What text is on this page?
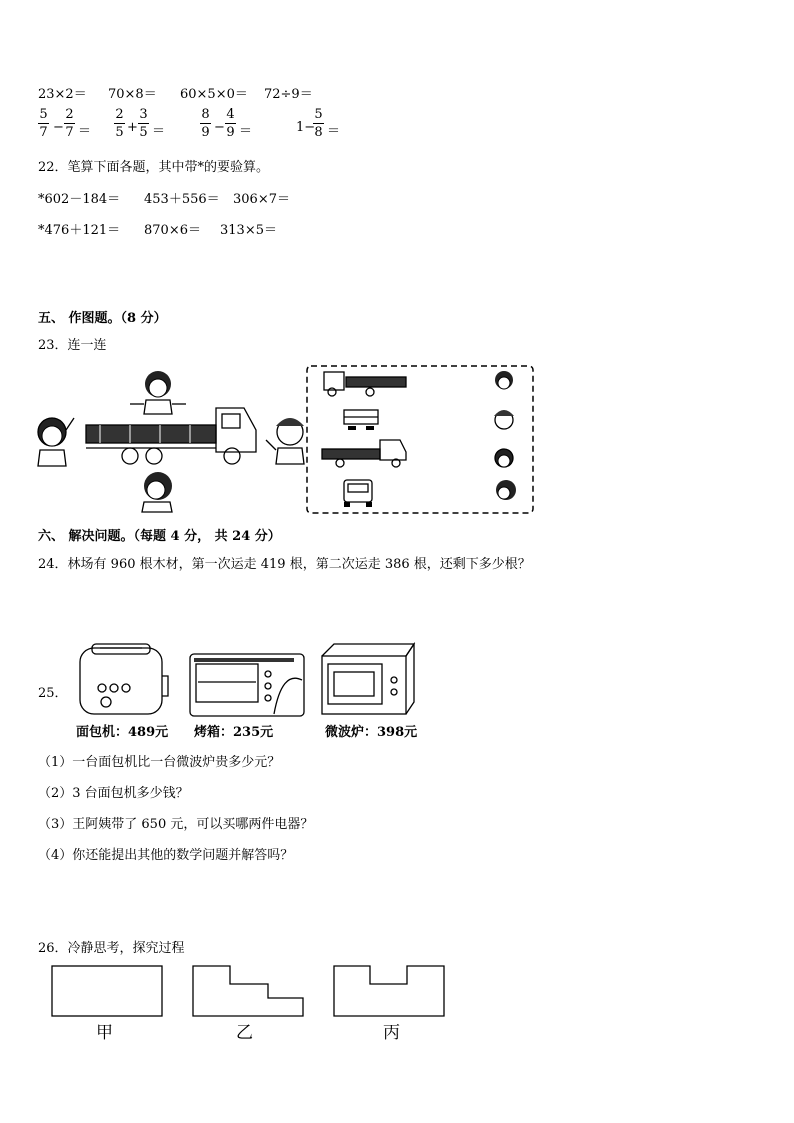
23×2＝ 70×8＝ 60×5×0＝ 72÷9＝
5
7 −
2
7 ＝
2
5 +
3
5 ＝
8
9 −
4
9 ＝	1−
5
8 ＝
22．笔算下面各题，其中带*的要验算。
*602－184＝ 453＋556＝ 306×7＝
*476＋121＝ 870×6＝ 313×5＝
五、 作图题。（8 分）
23．连一连
六、 解决问题。（每题 4 分， 共 24 分）
24．林场有 960 根木材，第一次运走 419 根，第二次运走 386 根，还剩下多少根？
25．
面包机：489元 烤箱：235元	微波炉：398元
（1）一台面包机比一台微波炉贵多少元？
（2）3 台面包机多少钱？
（3）王阿姨带了 650 元，可以买哪两件电器？
（4）你还能提出其他的数学问题并解答吗？
26．冷静思考，探究过程
甲	乙	丙
